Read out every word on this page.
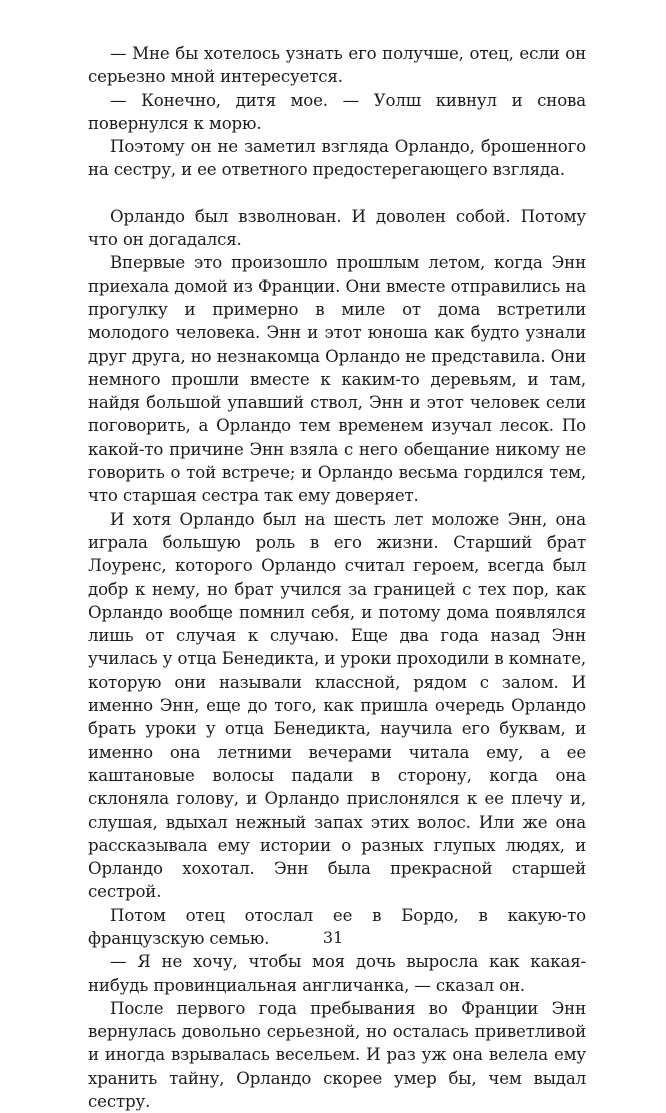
— Мне бы хотелось узнать его получше, отец, если он серьезно мной интересуется.

— Конечно, дитя мое. — Уолш кивнул и снова повернулся к морю.

Поэтому он не заметил взгляда Орландо, брошенного на сестру, и ее ответного предостерегающего взгляда.

Орландо был взволнован. И доволен собой. Потому что он догадался.

Впервые это произошло прошлым летом, когда Энн приехала домой из Франции. Они вместе отправились на прогулку и примерно в миле от дома встретили молодого человека. Энн и этот юноша как будто узнали друг друга, но незнакомца Орландо не представила. Они немного прошли вместе к каким-то деревьям, и там, найдя большой упавший ствол, Энн и этот человек сели поговорить, а Орландо тем временем изучал лесок. По какой-то причине Энн взяла с него обещание никому не говорить о той встрече; и Орландо весьма гордился тем, что старшая сестра так ему доверяет.

И хотя Орландо был на шесть лет моложе Энн, она играла большую роль в его жизни. Старший брат Лоуренс, которого Орландо считал героем, всегда был добр к нему, но брат учился за границей с тех пор, как Орландо вообще помнил себя, и потому дома появлялся лишь от случая к случаю. Еще два года назад Энн училась у отца Бенедикта, и уроки проходили в комнате, которую они называли классной, рядом с залом. И именно Энн, еще до того, как пришла очередь Орландо брать уроки у отца Бенедикта, научила его буквам, и именно она летними вечерами читала ему, а ее каштановые волосы падали в сторону, когда она склоняла голову, и Орландо прислонялся к ее плечу и, слушая, вдыхал нежный запах этих волос. Или же она рассказывала ему истории о разных глупых людях, и Орландо хохотал. Энн была прекрасной старшей сестрой.

Потом отец отослал ее в Бордо, в какую-то французскую семью.

— Я не хочу, чтобы моя дочь выросла как какая-нибудь провинциальная англичанка, — сказал он.

После первого года пребывания во Франции Энн вернулась довольно серьезной, но осталась приветливой и иногда взрывалась весельем. И раз уж она велела ему хранить тайну, Орландо скорее умер бы, чем выдал сестру.

31
